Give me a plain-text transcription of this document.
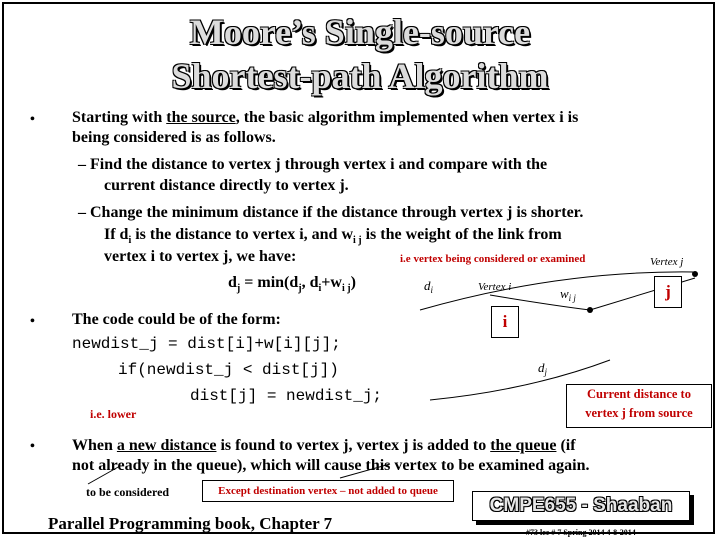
Moore’s Single-source
Shortest-path Algorithm
• Starting with the source, the basic algorithm implemented when vertex i is
being considered is as follows.
– Find the distance to vertex j through vertex i and compare with the
current distance directly to vertex j.
– Change the minimum distance if the distance through vertex j is shorter.
If $d_i$ is the distance to vertex i, and $w_{i j}$ is the weight of the link from
vertex i to vertex j, we have:	i.e vertex being considered or examined
$d_j = \min(d_j$, $d_i+w_{i j}$)
Vertex j
Vertex i
$d_i$	$w_{i j}$
$d_j$
j
i
• The code could be of the form:
newdist_j = dist[i]+w[i][j];
if(newdist_j < dist[j])
dist[j] = newdist_j;
i.e. lower
Current distance to
vertex j from source
• When a new distance is found to vertex j, vertex j is added to the queue (if
not already in the queue), which will cause this vertex to be examined again.
to be considered	Except destination vertex – not added to queue
Parallel Programming book, Chapter 7
CMPE655 - Shaaban
#73 lec # 7 Spring 2014 4-8-2014
